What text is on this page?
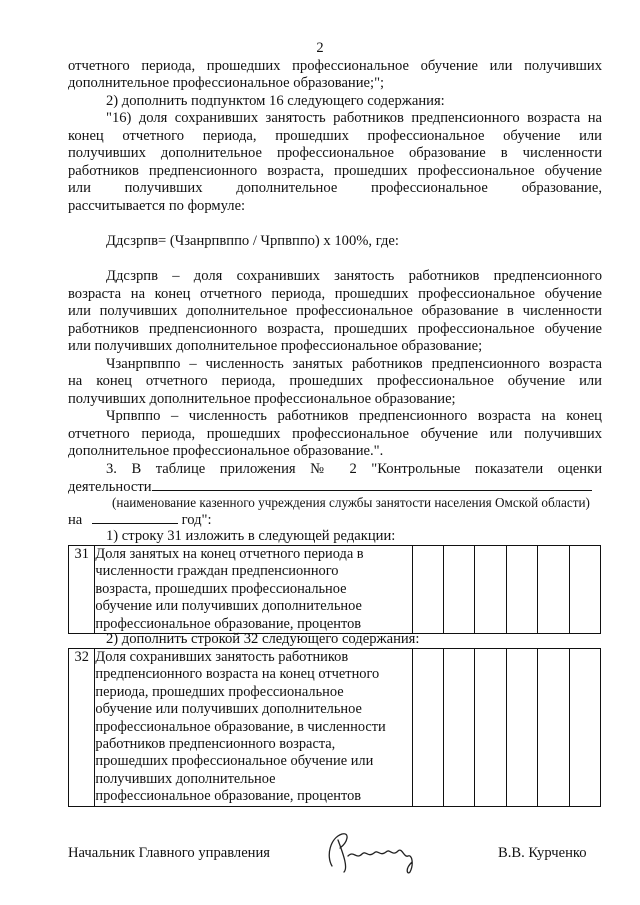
2
отчетного периода, прошедших профессиональное обучение или получивших
дополнительное профессиональное образование;";
2) дополнить подпунктом 16 следующего содержания:
"16) доля сохранивших занятость работников предпенсионного возраста на
конец отчетного периода, прошедших профессиональное обучение или
получивших дополнительное профессиональное образование в численности
работников предпенсионного возраста, прошедших профессиональное обучение
или получивших дополнительное профессиональное образование,
рассчитывается по формуле:
Ддсзрпв= (Чзанрпвппо / Чрпвппо) х 100%, где:
Ддсзрпв – доля сохранивших занятость работников предпенсионного
возраста на конец отчетного периода, прошедших профессиональное обучение
или получивших дополнительное профессиональное образование в численности
работников предпенсионного возраста, прошедших профессиональное обучение
или получивших дополнительное профессиональное образование;
Чзанрпвппо – численность занятых работников предпенсионного возраста
на конец отчетного периода, прошедших профессиональное обучение или
получивших дополнительное профессиональное образование;
Чрпвппо – численность работников предпенсионного возраста на конец
отчетного периода, прошедших профессиональное обучение или получивших
дополнительное профессиональное образование.".
3. В таблице приложения № 2 "Контрольные показатели оценки
деятельности
(наименование казенного учреждения службы занятости населения Омской области)
на	год":
1) строку 31 изложить в следующей редакции:
31	Доля занятых на конец отчетного периода в
численности граждан предпенсионного
возраста, прошедших профессиональное
обучение или получивших дополнительное
профессиональное образование, процентов

2) дополнить строкой 32 следующего содержания:
32	Доля сохранивших занятость работников
предпенсионного возраста на конец отчетного
периода, прошедших профессиональное
обучение или получивших дополнительное
профессиональное образование, в численности
работников предпенсионного возраста,
прошедших профессиональное обучение или
получивших дополнительное
профессиональное образование, процентов

Начальник Главного управления	В.В. Курченко
